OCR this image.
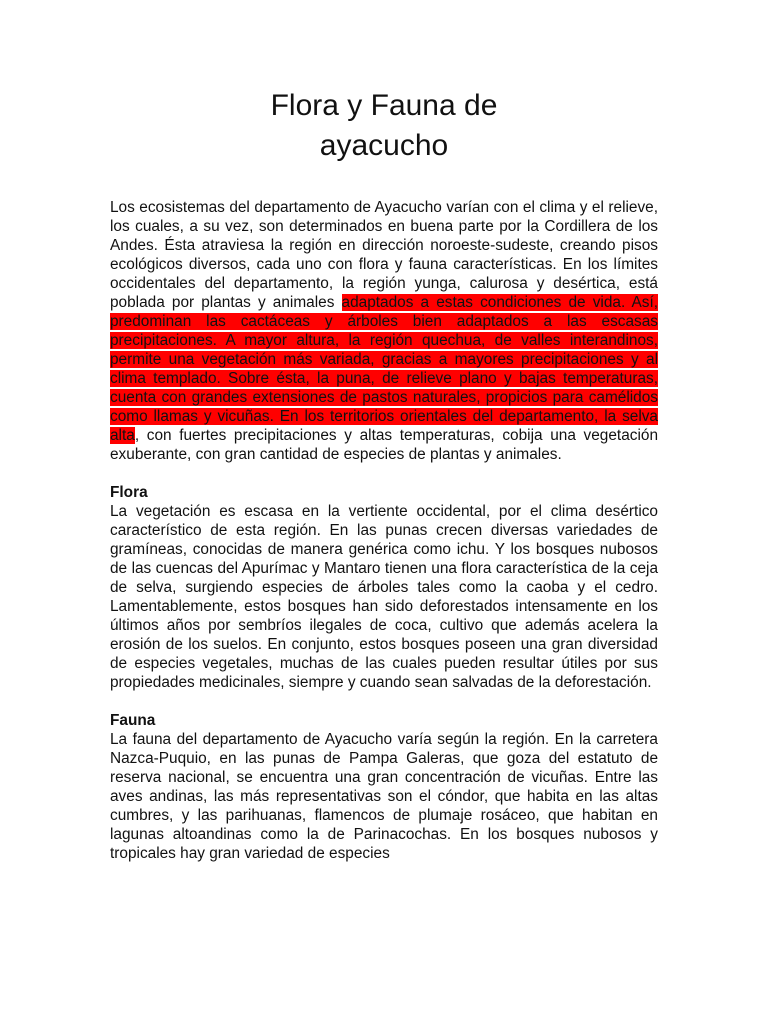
Flora y Fauna de
ayacucho

Los ecosistemas del departamento de Ayacucho varían con el clima y el relieve, los cuales, a su vez, son determinados en buena parte por la Cordillera de los Andes. Ésta atraviesa la región en dirección noroeste-sudeste, creando pisos ecológicos diversos, cada uno con flora y fauna características. En los límites occidentales del departamento, la región yunga, calurosa y desértica, está poblada por plantas y animales adaptados a estas condiciones de vida. Así, predominan las cactáceas y árboles bien adaptados a las escasas precipitaciones. A mayor altura, la región quechua, de valles interandinos, permite una vegetación más variada, gracias a mayores precipitaciones y al clima templado. Sobre ésta, la puna, de relieve plano y bajas temperaturas, cuenta con grandes extensiones de pastos naturales, propicios para camélidos como llamas y vicuñas. En los territorios orientales del departamento, la selva alta, con fuertes precipitaciones y altas temperaturas, cobija una vegetación exuberante, con gran cantidad de especies de plantas y animales.

Flora

La vegetación es escasa en la vertiente occidental, por el clima desértico característico de esta región. En las punas crecen diversas variedades de gramíneas, conocidas de manera genérica como ichu. Y los bosques nubosos de las cuencas del Apurímac y Mantaro tienen una flora característica de la ceja de selva, surgiendo especies de árboles tales como la caoba y el cedro. Lamentablemente, estos bosques han sido deforestados intensamente en los últimos años por sembríos ilegales de coca, cultivo que además acelera la erosión de los suelos. En conjunto, estos bosques poseen una gran diversidad de especies vegetales, muchas de las cuales pueden resultar útiles por sus propiedades medicinales, siempre y cuando sean salvadas de la deforestación.

Fauna

La fauna del departamento de Ayacucho varía según la región. En la carretera Nazca-Puquio, en las punas de Pampa Galeras, que goza del estatuto de reserva nacional, se encuentra una gran concentración de vicuñas. Entre las aves andinas, las más representativas son el cóndor, que habita en las altas cumbres, y las parihuanas, flamencos de plumaje rosáceo, que habitan en lagunas altoandinas como la de Parinacochas. En los bosques nubosos y tropicales hay gran variedad de especies
